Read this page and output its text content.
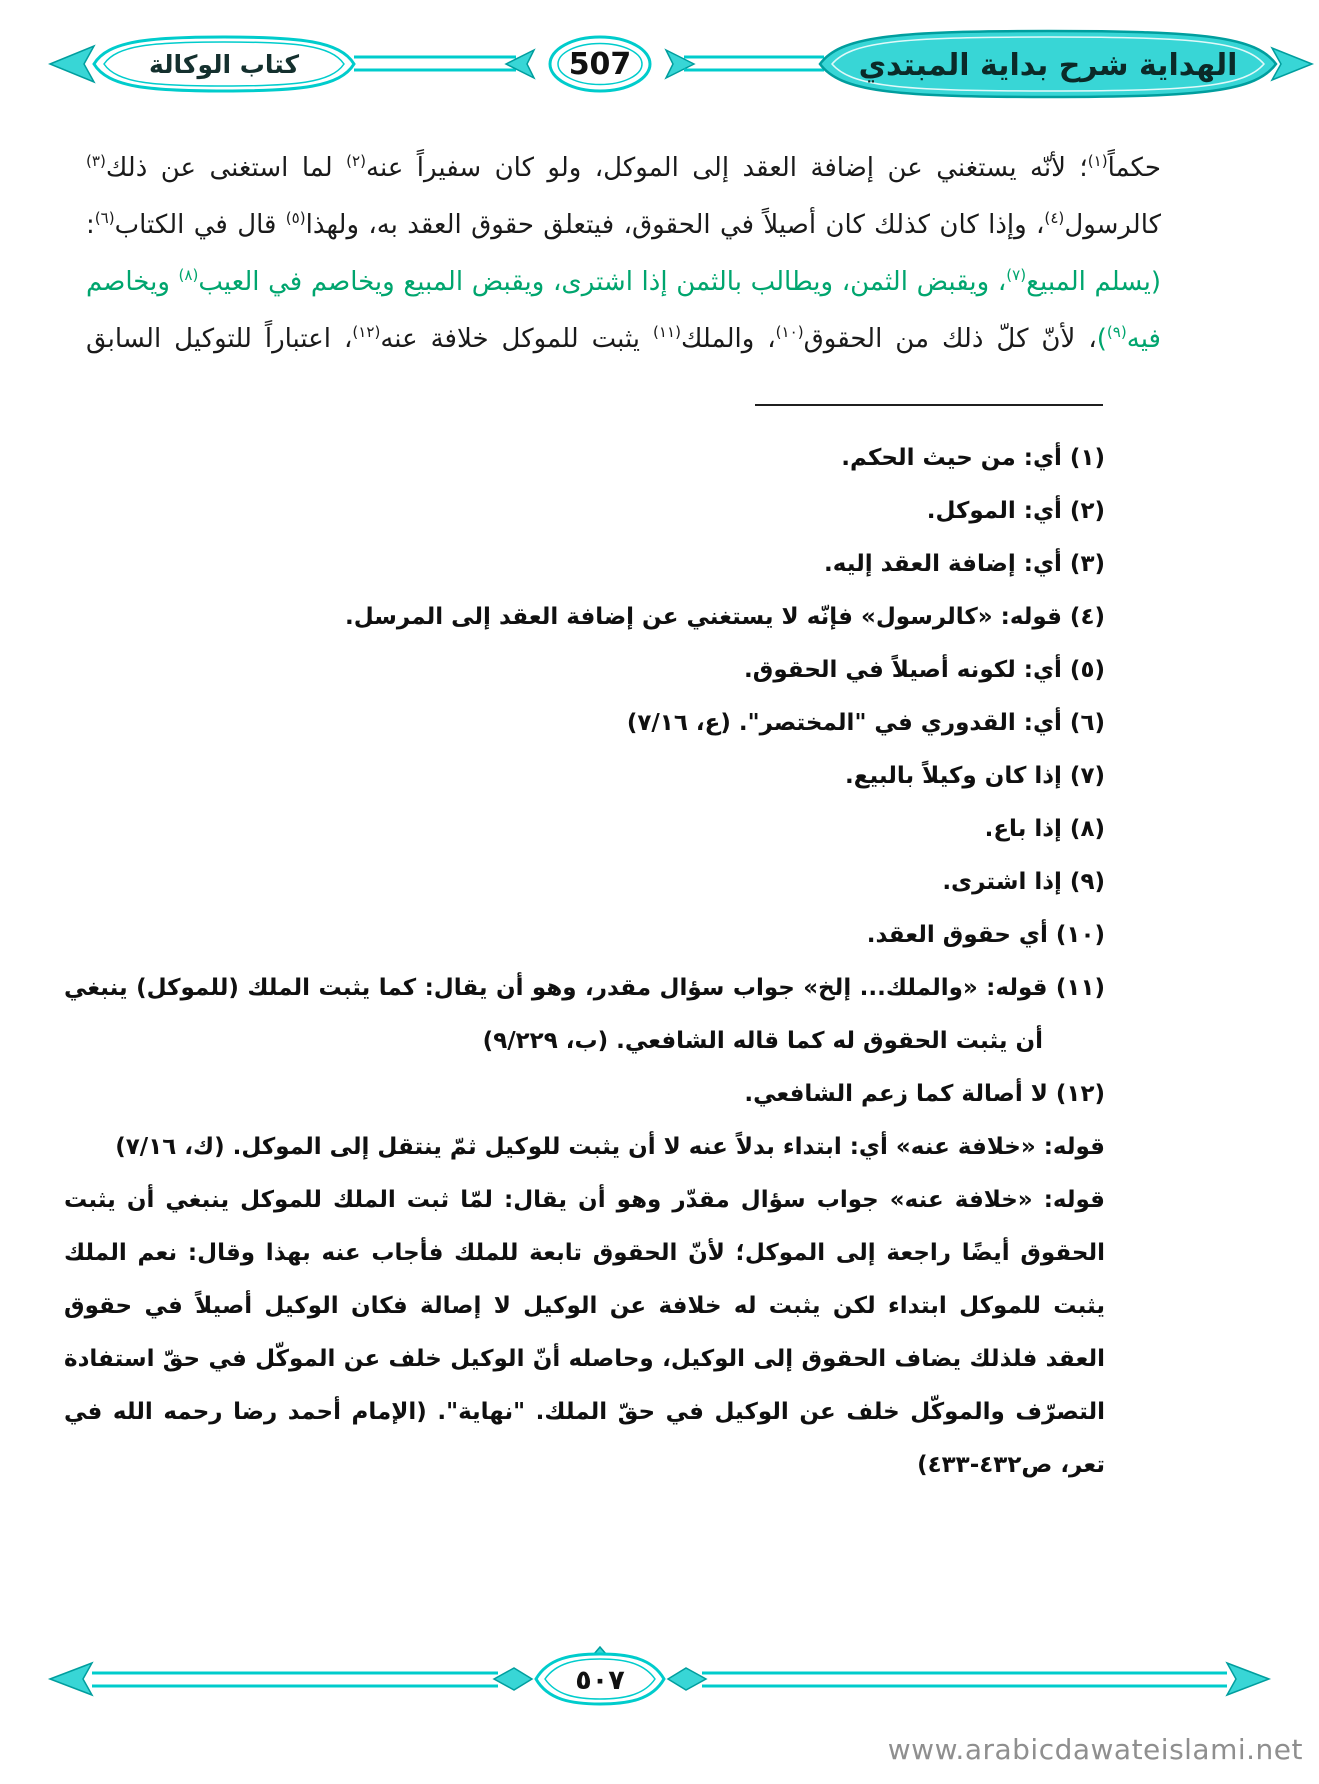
كتاب الوكالة	507	الهداية شرح بداية المبتدي

حكماً$^{(١)}$؛ لأنّه يستغني عن إضافة العقد إلى الموكل، ولو كان سفيراً عنه$^{(٢)}$ لما استغنى عن ذلك$^{(٣)}$ كالرسول$^{(٤)}$، وإذا كان كذلك كان أصيلاً في الحقوق، فيتعلق حقوق العقد به، ولهذا$^{(٥)}$ قال في الكتاب$^{(٦)}$: (يسلم المبيع$^{(٧)}$، ويقبض الثمن، ويطالب بالثمن إذا اشترى، ويقبض المبيع ويخاصم في العيب$^{(٨)}$ ويخاصم فيه$^{(٩)}$)، لأنّ كلّ ذلك من الحقوق$^{(١٠)}$، والملك$^{(١١)}$ يثبت للموكل خلافة عنه$^{(١٢)}$، اعتباراً للتوكيل السابق

(١) أي: من حيث الحكم.

(٢) أي: الموكل.

(٣) أي: إضافة العقد إليه.

(٤) قوله: «كالرسول» فإنّه لا يستغني عن إضافة العقد إلى المرسل.

(٥) أي: لكونه أصيلاً في الحقوق.

(٦) أي: القدوري في "المختصر". (ع، ٧/١٦)

(٧) إذا كان وكيلاً بالبيع.

(٨) إذا باع.

(٩) إذا اشترى.

(١٠) أي حقوق العقد.

(١١) قوله: «والملك... إلخ» جواب سؤال مقدر، وهو أن يقال: كما يثبت الملك (للموكل) ينبغي أن يثبت الحقوق له كما قاله الشافعي. (ب، ٩/٢٢٩)

(١٢) لا أصالة كما زعم الشافعي.

قوله: «خلافة عنه» أي: ابتداء بدلاً عنه لا أن يثبت للوكيل ثمّ ينتقل إلى الموكل. (ك، ٧/١٦)

قوله: «خلافة عنه» جواب سؤال مقدّر وهو أن يقال: لمّا ثبت الملك للموكل ينبغي أن يثبت الحقوق أيضًا راجعة إلى الموكل؛ لأنّ الحقوق تابعة للملك فأجاب عنه بهذا وقال: نعم الملك يثبت للموكل ابتداء لكن يثبت له خلافة عن الوكيل لا إصالة فكان الوكيل أصيلاً في حقوق العقد فلذلك يضاف الحقوق إلى الوكيل، وحاصله أنّ الوكيل خلف عن الموكّل في حقّ استفادة التصرّف والموكّل خلف عن الوكيل في حقّ الملك. "نهاية". (الإمام أحمد رضا رحمه الله في تعر، ص٤٣٢-٤٣٣)

٥٠٧
www.arabicdawateislami.net
